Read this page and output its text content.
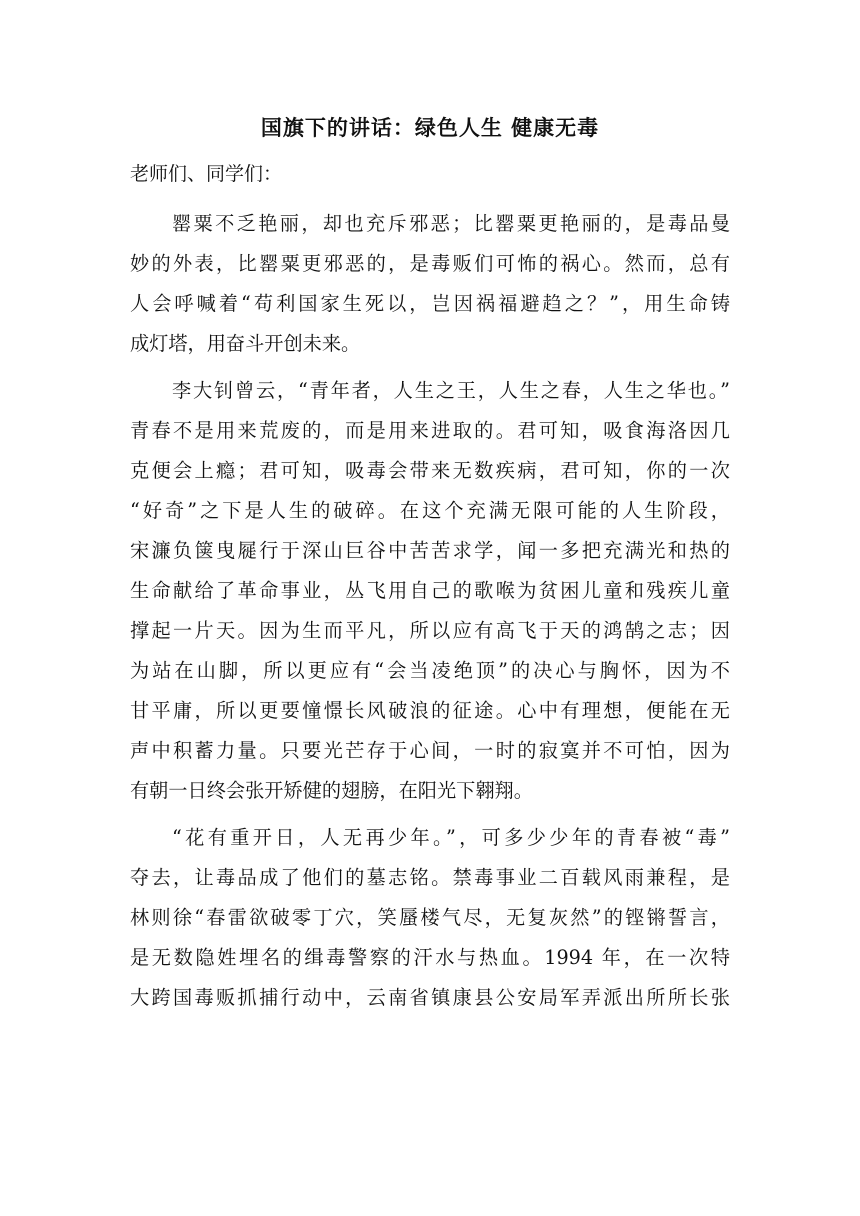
国旗下的讲话：绿色人生 健康无毒
老师们、同学们：
罂粟不乏艳丽，却也充斥邪恶；比罂粟更艳丽的，是毒品曼
妙的外表，比罂粟更邪恶的，是毒贩们可怖的祸心。然而，总有
人会呼喊着“苟利国家生死以，岂因祸福避趋之？”，用生命铸
成灯塔，用奋斗开创未来。
李大钊曾云，“青年者，人生之王，人生之春，人生之华也。”
青春不是用来荒废的，而是用来进取的。君可知，吸食海洛因几
克便会上瘾；君可知，吸毒会带来无数疾病，君可知，你的一次
“好奇”之下是人生的破碎。在这个充满无限可能的人生阶段，
宋濂负箧曳屣行于深山巨谷中苦苦求学，闻一多把充满光和热的
生命献给了革命事业，丛飞用自己的歌喉为贫困儿童和残疾儿童
撑起一片天。因为生而平凡，所以应有高飞于天的鸿鹄之志；因
为站在山脚，所以更应有“会当凌绝顶”的决心与胸怀，因为不
甘平庸，所以更要憧憬长风破浪的征途。心中有理想，便能在无
声中积蓄力量。只要光芒存于心间，一时的寂寞并不可怕，因为
有朝一日终会张开矫健的翅膀，在阳光下翱翔。
“花有重开日，人无再少年。”，可多少少年的青春被“毒”
夺去，让毒品成了他们的墓志铭。禁毒事业二百载风雨兼程，是
林则徐“春雷欲破零丁穴，笑蜃楼气尽，无复灰然”的铿锵誓言，
是无数隐姓埋名的缉毒警察的汗水与热血。1994 年，在一次特
大跨国毒贩抓捕行动中，云南省镇康县公安局军弄派出所所长张
